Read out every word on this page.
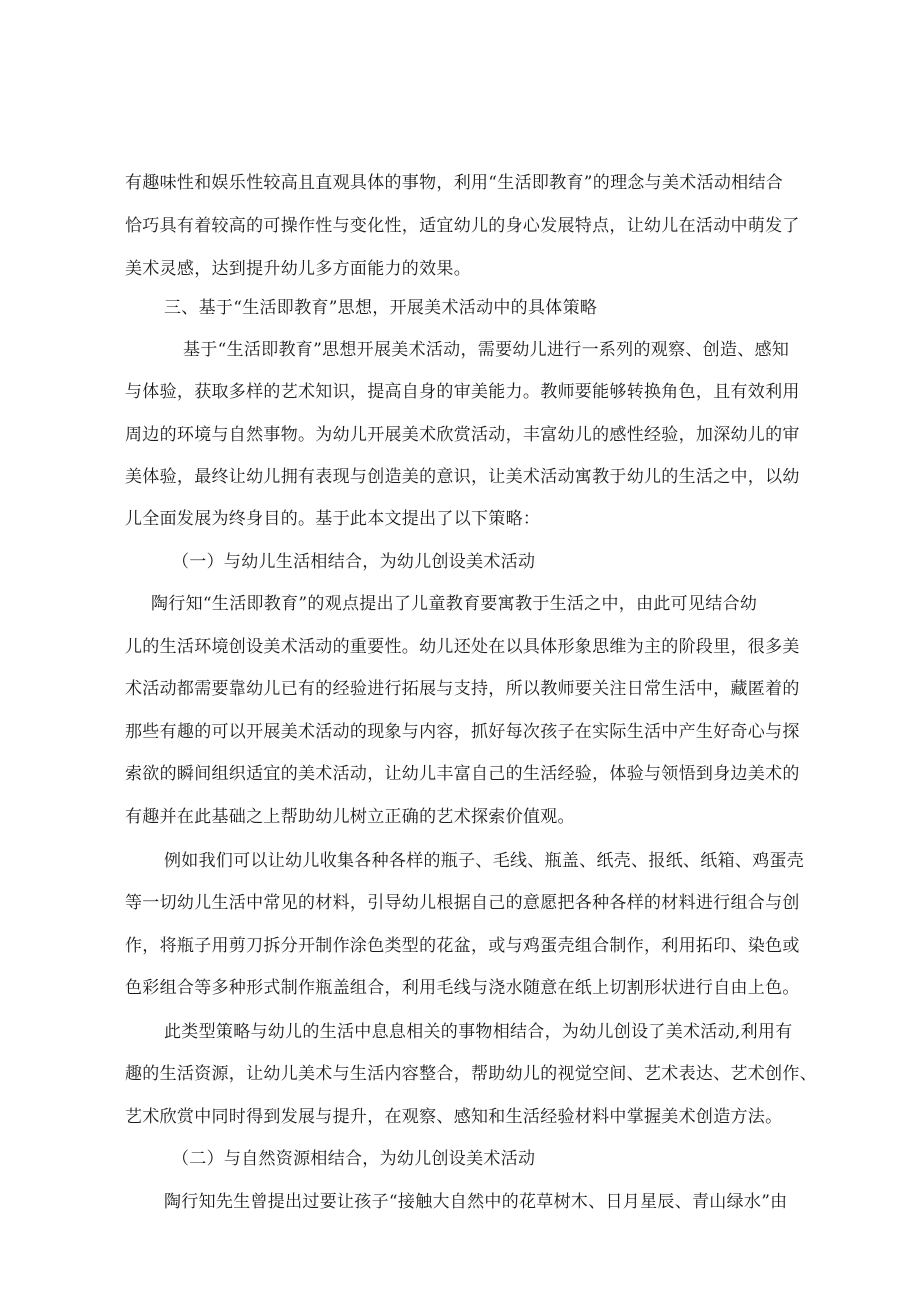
有趣味性和娱乐性较高且直观具体的事物，利用“生活即教育”的理念与美术活动相结合
恰巧具有着较高的可操作性与变化性，适宜幼儿的身心发展特点，让幼儿在活动中萌发了
美术灵感，达到提升幼儿多方面能力的效果。
三、基于“生活即教育”思想，开展美术活动中的具体策略
基于“生活即教育”思想开展美术活动，需要幼儿进行一系列的观察、创造、感知
与体验，获取多样的艺术知识，提高自身的审美能力。教师要能够转换角色，且有效利用
周边的环境与自然事物。为幼儿开展美术欣赏活动，丰富幼儿的感性经验，加深幼儿的审
美体验，最终让幼儿拥有表现与创造美的意识，让美术活动寓教于幼儿的生活之中，以幼
儿全面发展为终身目的。基于此本文提出了以下策略：
（一）与幼儿生活相结合，为幼儿创设美术活动
陶行知“生活即教育”的观点提出了儿童教育要寓教于生活之中，由此可见结合幼
儿的生活环境创设美术活动的重要性。幼儿还处在以具体形象思维为主的阶段里，很多美
术活动都需要靠幼儿已有的经验进行拓展与支持，所以教师要关注日常生活中，藏匿着的
那些有趣的可以开展美术活动的现象与内容，抓好每次孩子在实际生活中产生好奇心与探
索欲的瞬间组织适宜的美术活动，让幼儿丰富自己的生活经验，体验与领悟到身边美术的
有趣并在此基础之上帮助幼儿树立正确的艺术探索价值观。
例如我们可以让幼儿收集各种各样的瓶子、毛线、瓶盖、纸壳、报纸、纸箱、鸡蛋壳
等一切幼儿生活中常见的材料，引导幼儿根据自己的意愿把各种各样的材料进行组合与创
作，将瓶子用剪刀拆分开制作涂色类型的花盆，或与鸡蛋壳组合制作，利用拓印、染色或
色彩组合等多种形式制作瓶盖组合，利用毛线与浇水随意在纸上切割形状进行自由上色。
此类型策略与幼儿的生活中息息相关的事物相结合，为幼儿创设了美术活动,利用有
趣的生活资源，让幼儿美术与生活内容整合，帮助幼儿的视觉空间、艺术表达、艺术创作、
艺术欣赏中同时得到发展与提升，在观察、感知和生活经验材料中掌握美术创造方法。
（二）与自然资源相结合，为幼儿创设美术活动
陶行知先生曾提出过要让孩子“接触大自然中的花草树木、日月星辰、青山绿水”由
